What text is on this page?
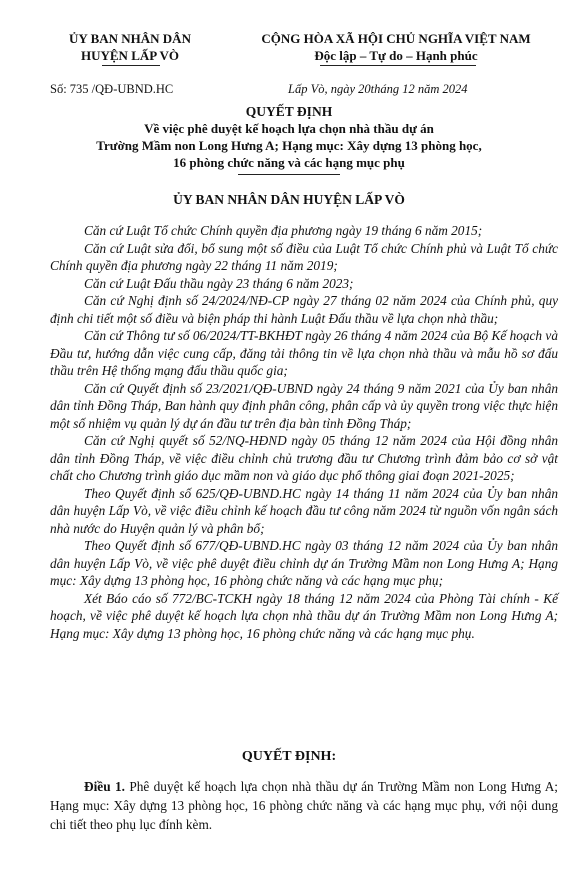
ỦY BAN NHÂN DÂN
HUYỆN LẤP VÒ
CỘNG HÒA XÃ HỘI CHỦ NGHĨA VIỆT NAM
Độc lập – Tự do – Hạnh phúc
Số: 735 /QĐ-UBND.HC	Lấp Vò, ngày 20tháng 12 năm 2024
QUYẾT ĐỊNH
Về việc phê duyệt kế hoạch lựa chọn nhà thầu dự án
Trường Mầm non Long Hưng A; Hạng mục: Xây dựng 13 phòng học,
16 phòng chức năng và các hạng mục phụ
ỦY BAN NHÂN DÂN HUYỆN LẤP VÒ

Căn cứ Luật Tổ chức Chính quyền địa phương ngày 19 tháng 6 năm 2015;

Căn cứ Luật sửa đổi, bổ sung một số điều của Luật Tổ chức Chính phủ và Luật Tổ chức Chính quyền địa phương ngày 22 tháng 11 năm 2019;

Căn cứ Luật Đấu thầu ngày 23 tháng 6 năm 2023;

Căn cứ Nghị định số 24/2024/NĐ-CP ngày 27 tháng 02 năm 2024 của Chính phủ, quy định chi tiết một số điều và biện pháp thi hành Luật Đấu thầu về lựa chọn nhà thầu;

Căn cứ Thông tư số 06/2024/TT-BKHĐT ngày 26 tháng 4 năm 2024 của Bộ Kế hoạch và Đầu tư, hướng dẫn việc cung cấp, đăng tải thông tin về lựa chọn nhà thầu và mẫu hồ sơ đấu thầu trên Hệ thống mạng đấu thầu quốc gia;

Căn cứ Quyết định số 23/2021/QĐ-UBND ngày 24 tháng 9 năm 2021 của Ủy ban nhân dân tỉnh Đồng Tháp, Ban hành quy định phân công, phân cấp và ủy quyền trong việc thực hiện một số nhiệm vụ quản lý dự án đầu tư trên địa bàn tỉnh Đồng Tháp;

Căn cứ Nghị quyết số 52/NQ-HĐND ngày 05 tháng 12 năm 2024 của Hội đồng nhân dân tỉnh Đồng Tháp, về việc điều chỉnh chủ trương đầu tư Chương trình đảm bảo cơ sở vật chất cho Chương trình giáo dục mầm non và giáo dục phổ thông giai đoạn 2021-2025;

Theo Quyết định số 625/QĐ-UBND.HC ngày 14 tháng 11 năm 2024 của Ủy ban nhân dân huyện Lấp Vò, về việc điều chỉnh kế hoạch đầu tư công năm 2024 từ nguồn vốn ngân sách nhà nước do Huyện quản lý và phân bổ;

Theo Quyết định số 677/QĐ-UBND.HC ngày 03 tháng 12 năm 2024 của Ủy ban nhân dân huyện Lấp Vò, về việc phê duyệt điều chỉnh dự án Trường Mầm non Long Hưng A; Hạng mục: Xây dựng 13 phòng học, 16 phòng chức năng và các hạng mục phụ;

Xét Báo cáo số 772/BC-TCKH ngày 18 tháng 12 năm 2024 của Phòng Tài chính - Kế hoạch, về việc phê duyệt kế hoạch lựa chọn nhà thầu dự án Trường Mầm non Long Hưng A; Hạng mục: Xây dựng 13 phòng học, 16 phòng chức năng và các hạng mục phụ.

QUYẾT ĐỊNH:

Điều 1. Phê duyệt kế hoạch lựa chọn nhà thầu dự án Trường Mầm non Long Hưng A; Hạng mục: Xây dựng 13 phòng học, 16 phòng chức năng và các hạng mục phụ, với nội dung chi tiết theo phụ lục đính kèm.
